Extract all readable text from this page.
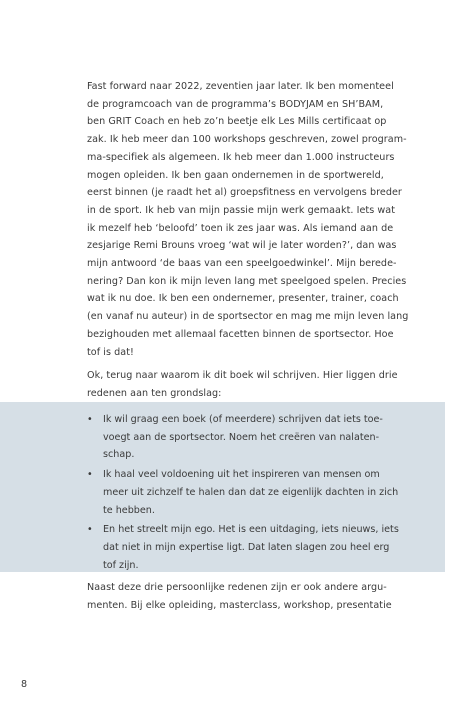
Fast forward naar 2022, zeventien jaar later. Ik ben momenteel
de programcoach van de programma’s BODYJAM en SH’BAM,
ben GRIT Coach en heb zo’n beetje elk Les Mills certificaat op
zak. Ik heb meer dan 100 workshops geschreven, zowel program-
ma-specifiek als algemeen. Ik heb meer dan 1.000 instructeurs
mogen opleiden. Ik ben gaan ondernemen in de sportwereld,
eerst binnen (je raadt het al) groepsfitness en vervolgens breder
in de sport. Ik heb van mijn passie mijn werk gemaakt. Iets wat
ik mezelf heb ‘beloofd’ toen ik zes jaar was. Als iemand aan de
zesjarige Remi Brouns vroeg ‘wat wil je later worden?’, dan was
mijn antwoord ‘de baas van een speelgoedwinkel’. Mijn beredе-
nering? Dan kon ik mijn leven lang met speelgoed spelen. Precies
wat ik nu doe. Ik ben een ondernemer, presenter, trainer, coach
(en vanaf nu auteur) in de sportsector en mag me mijn leven lang
bezighouden met allemaal facetten binnen de sportsector. Hoe
tof is dat!

Ok, terug naar waarom ik dit boek wil schrijven. Hier liggen drie
redenen aan ten grondslag:

• Ik wil graag een boek (of meerdere) schrijven dat iets toe-
voegt aan de sportsector. Noem het creëren van nalaten-
schap.
• Ik haal veel voldoening uit het inspireren van mensen om
meer uit zichzelf te halen dan dat ze eigenlijk dachten in zich
te hebben.
• En het streelt mijn ego. Het is een uitdaging, iets nieuws, iets
dat niet in mijn expertise ligt. Dat laten slagen zou heel erg
tof zijn.

Naast deze drie persoonlijke redenen zijn er ook andere argu-
menten. Bij elke opleiding, masterclass, workshop, presentatie

8
